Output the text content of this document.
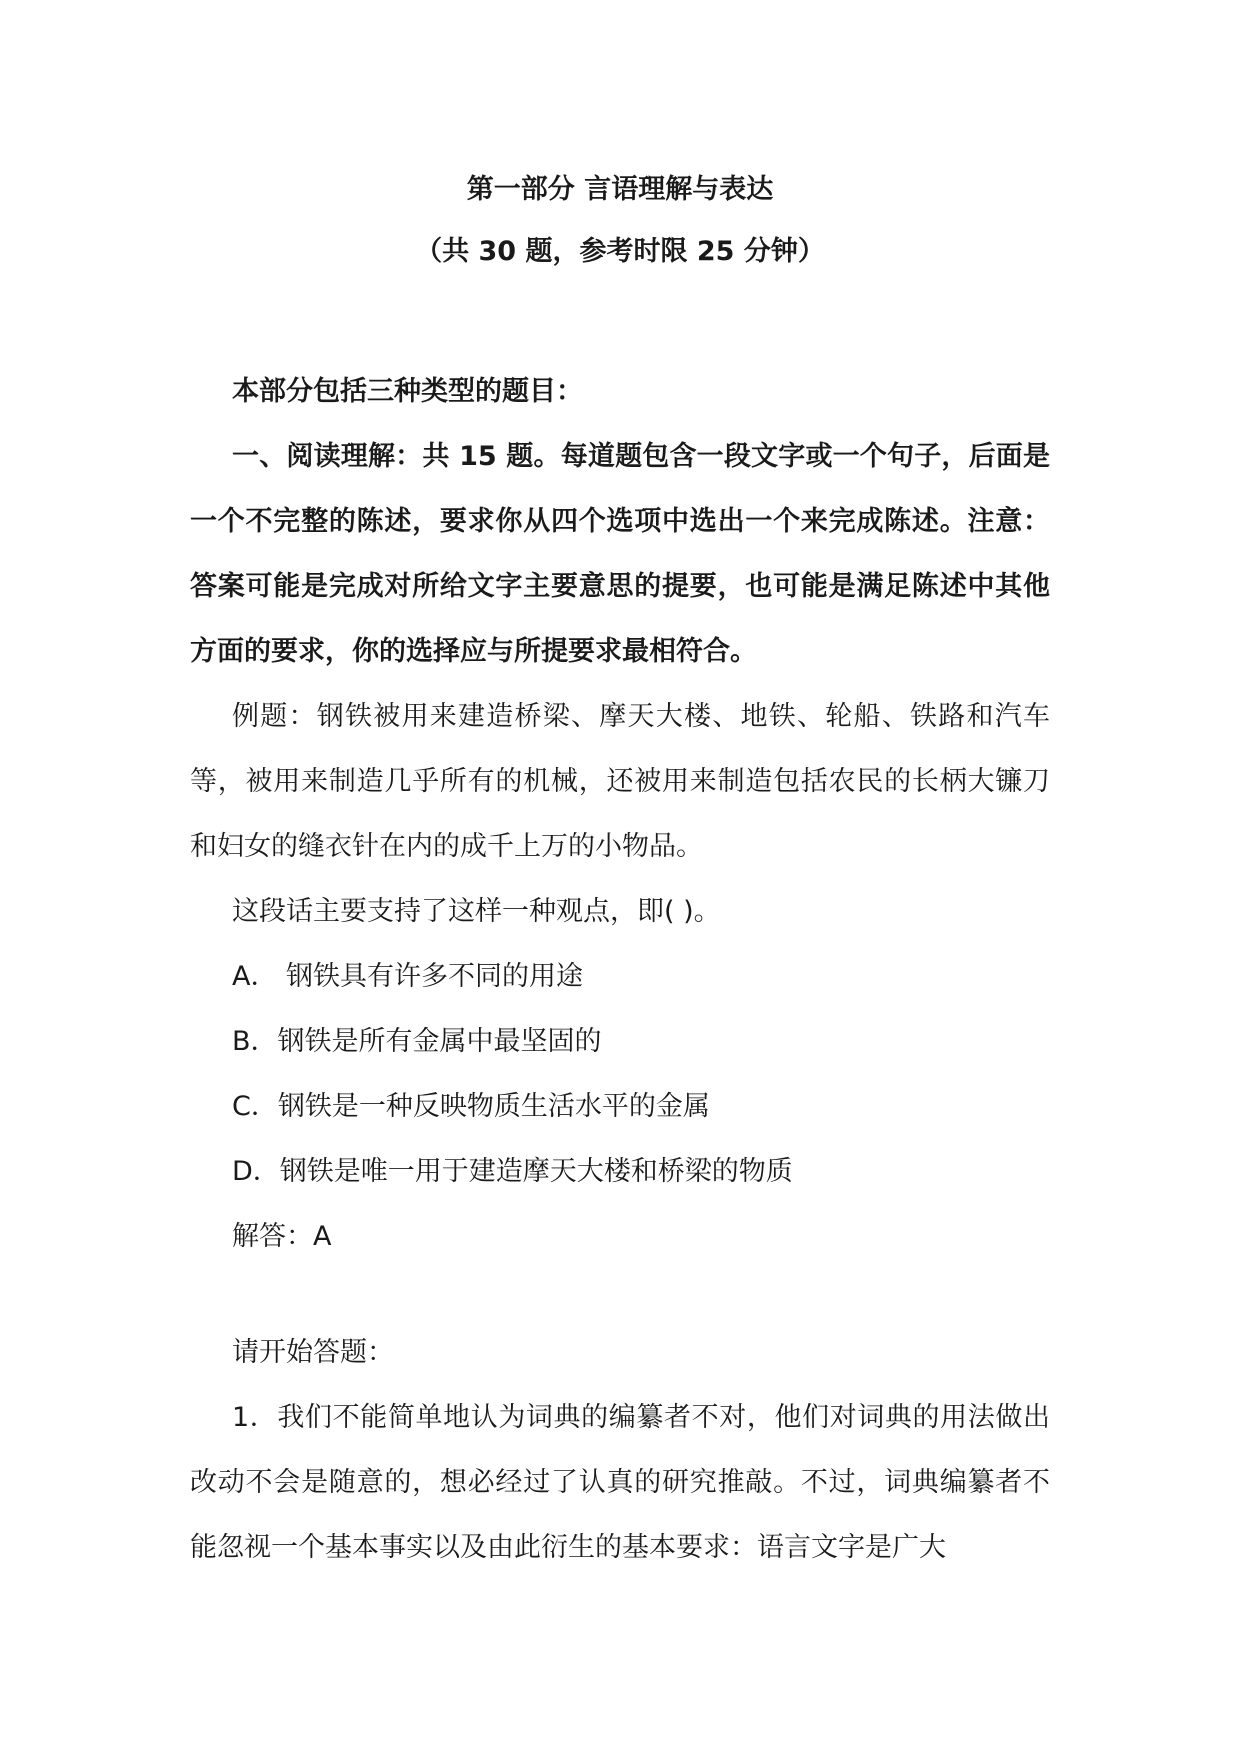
第一部分 言语理解与表达

（共 30 题，参考时限 25 分钟）

本部分包括三种类型的题目：

一、阅读理解：共 15 题。每道题包含一段文字或一个句子，后面是一个不完整的陈述，要求你从四个选项中选出一个来完成陈述。注意：答案可能是完成对所给文字主要意思的提要，也可能是满足陈述中其他方面的要求，你的选择应与所提要求最相符合。

例题：钢铁被用来建造桥梁、摩天大楼、地铁、轮船、铁路和汽车等，被用来制造几乎所有的机械，还被用来制造包括农民的长柄大镰刀和妇女的缝衣针在内的成千上万的小物品。

这段话主要支持了这样一种观点，即( )。

A． 钢铁具有许多不同的用途

B．钢铁是所有金属中最坚固的

C．钢铁是一种反映物质生活水平的金属

D．钢铁是唯一用于建造摩天大楼和桥梁的物质

解答：A

请开始答题：

1．我们不能简单地认为词典的编纂者不对，他们对词典的用法做出改动不会是随意的，想必经过了认真的研究推敲。不过，词典编纂者不能忽视一个基本事实以及由此衍生的基本要求：语言文字是广大
